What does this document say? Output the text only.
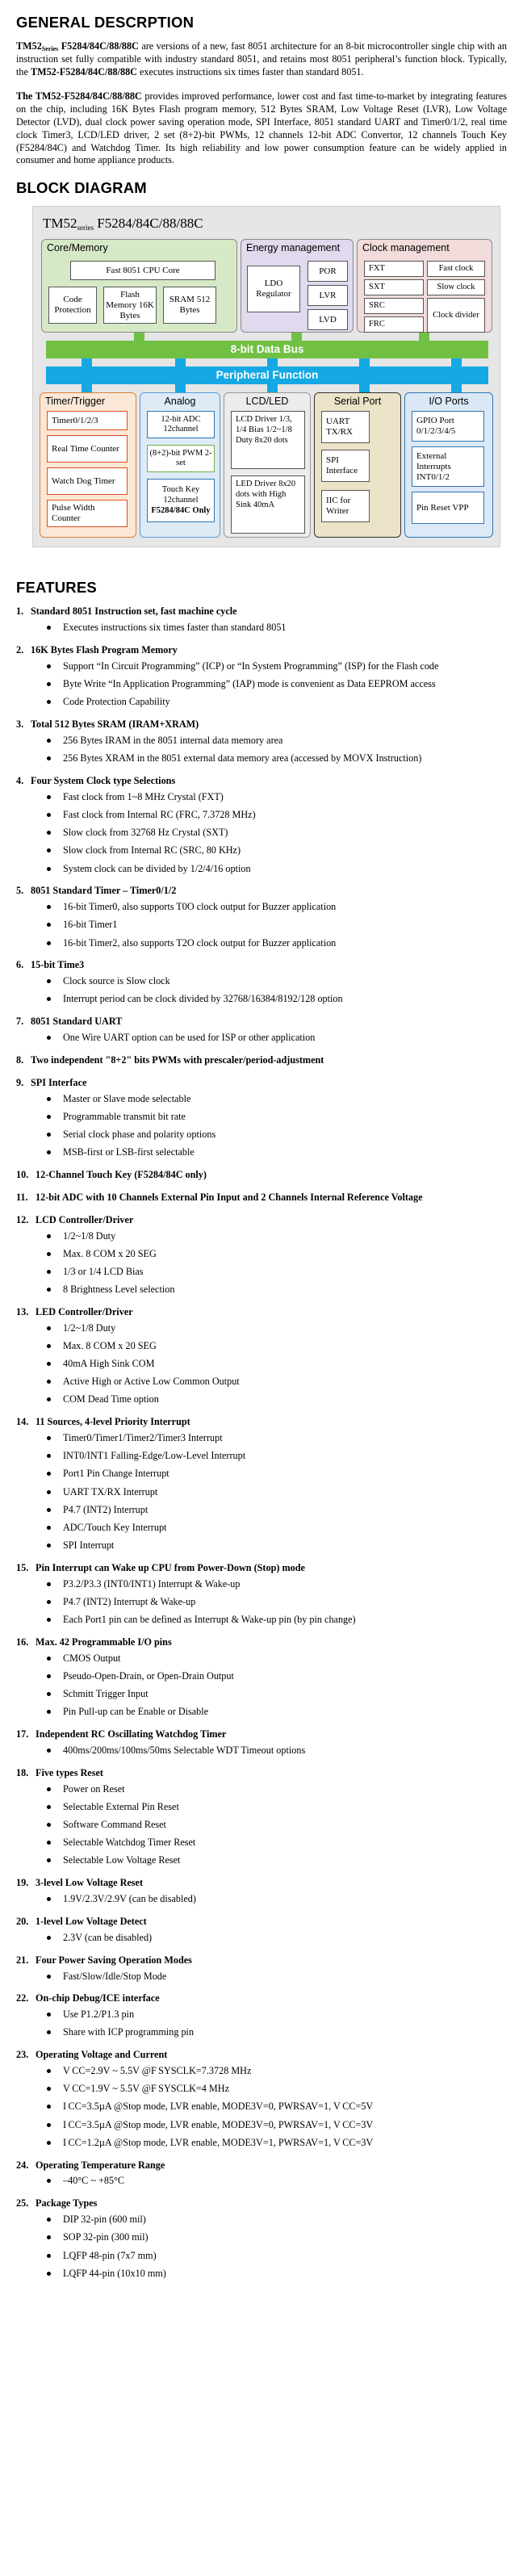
GENERAL DESCRPTION

$TM52_{Series}$ F5284/84C/88/88C are versions of a new, fast 8051 architecture for an 8-bit microcontroller single chip with an instruction set fully compatible with industry standard 8051, and retains most 8051 peripheral’s function block. Typically, the TM52-F5284/84C/88/88C executes instructions six times faster than standard 8051.

The TM52-F5284/84C/88/88C provides improved performance, lower cost and fast time-to-market by integrating features on the chip, including 16K Bytes Flash program memory, 512 Bytes SRAM, Low Voltage Reset (LVR), Low Voltage Detector (LVD), dual clock power saving operation mode, SPI Interface, 8051 standard UART and Timer0/1/2, real time clock Timer3, LCD/LED driver, 2 set (8+2)-bit PWMs, 12 channels 12-bit ADC Convertor, 12 channels Touch Key (F5284/84C) and Watchdog Timer. Its high reliability and low power consumption feature can be widely applied in consumer and home appliance products.

BLOCK DIAGRAM
TM52series F5284/84C/88/88C
Core/Memory
Fast 8051 CPU Core
Code Protection
Flash Memory 16K Bytes
SRAM 512 Bytes
Energy management
LDO Regulator
POR
LVR
LVD
Clock management
FXT	Fast clock
SXT	Slow clock
SRC
FRC
Clock divider
8-bit Data Bus
Peripheral Function
Timer/Trigger
Timer0/1/2/3
Real Time Counter
Watch Dog Timer
Pulse Width Counter
Analog
12-bit ADC 12channel
(8+2)-bit PWM 2-set
Touch Key 12channel
F5284/84C Only
LCD/LED
LCD Driver 1/3, 1/4 Bias 1/2~1/8 Duty 8x20 dots
LED Driver 8x20 dots with High Sink 40mA
Serial Port
UART TX/RX
SPI Interface
IIC for Writer
I/O Ports
GPIO Port 0/1/2/3/4/5
External Interrupts INT0/1/2
Pin Reset VPP
FEATURES
1. Standard 8051 Instruction set, fast machine cycle
Executes instructions six times faster than standard 8051
2. 16K Bytes Flash Program Memory
Support “In Circuit Programming” (ICP) or “In System Programming” (ISP) for the Flash code
Byte Write “In Application Programming” (IAP) mode is convenient as Data EEPROM access
Code Protection Capability
3. Total 512 Bytes SRAM (IRAM+XRAM)
256 Bytes IRAM in the 8051 internal data memory area
256 Bytes XRAM in the 8051 external data memory area (accessed by MOVX Instruction)
4. Four System Clock type Selections
Fast clock from 1~8 MHz Crystal (FXT)
Fast clock from Internal RC (FRC, 7.3728 MHz)
Slow clock from 32768 Hz Crystal (SXT)
Slow clock from Internal RC (SRC, 80 KHz)
System clock can be divided by 1/2/4/16 option
5. 8051 Standard Timer – Timer0/1/2
16-bit Timer0, also supports T0O clock output for Buzzer application
16-bit Timer1
16-bit Timer2, also supports T2O clock output for Buzzer application
6. 15-bit Time3
Clock source is Slow clock
Interrupt period can be clock divided by 32768/16384/8192/128 option
7. 8051 Standard UART
One Wire UART option can be used for ISP or other application
8. Two independent "8+2" bits PWMs with prescaler/period-adjustment
9. SPI Interface
Master or Slave mode selectable
Programmable transmit bit rate
Serial clock phase and polarity options
MSB-first or LSB-first selectable
10. 12-Channel Touch Key (F5284/84C only)
11. 12-bit ADC with 10 Channels External Pin Input and 2 Channels Internal Reference Voltage
12. LCD Controller/Driver
1/2~1/8 Duty
Max. 8 COM x 20 SEG
1/3 or 1/4 LCD Bias
8 Brightness Level selection
13. LED Controller/Driver
1/2~1/8 Duty
Max. 8 COM x 20 SEG
40mA High Sink COM
Active High or Active Low Common Output
COM Dead Time option
14. 11 Sources, 4-level Priority Interrupt
Timer0/Timer1/Timer2/Timer3 Interrupt
INT0/INT1 Falling-Edge/Low-Level Interrupt
Port1 Pin Change Interrupt
UART TX/RX Interrupt
P4.7 (INT2) Interrupt
ADC/Touch Key Interrupt
SPI Interrupt
15. Pin Interrupt can Wake up CPU from Power-Down (Stop) mode
P3.2/P3.3 (INT0/INT1) Interrupt & Wake-up
P4.7 (INT2) Interrupt & Wake-up
Each Port1 pin can be defined as Interrupt & Wake-up pin (by pin change)
16. Max. 42 Programmable I/O pins
CMOS Output
Pseudo-Open-Drain, or Open-Drain Output
Schmitt Trigger Input
Pin Pull-up can be Enable or Disable
17. Independent RC Oscillating Watchdog Timer
400ms/200ms/100ms/50ms Selectable WDT Timeout options
18. Five types Reset
Power on Reset
Selectable External Pin Reset
Software Command Reset
Selectable Watchdog Timer Reset
Selectable Low Voltage Reset
19. 3-level Low Voltage Reset
1.9V/2.3V/2.9V (can be disabled)
20. 1-level Low Voltage Detect
2.3V (can be disabled)
21. Four Power Saving Operation Modes
Fast/Slow/Idle/Stop Mode
22. On-chip Debug/ICE interface
Use P1.2/P1.3 pin
Share with ICP programming pin
23. Operating Voltage and Current
V CC=2.9V ~ 5.5V @F SYSCLK=7.3728 MHz
V CC=1.9V ~ 5.5V @F SYSCLK=4 MHz
I CC=3.5µA @Stop mode, LVR enable, MODE3V=0, PWRSAV=1, V CC=5V
I CC=3.5µA @Stop mode, LVR enable, MODE3V=0, PWRSAV=1, V CC=3V
I CC=1.2µA @Stop mode, LVR enable, MODE3V=1, PWRSAV=1, V CC=3V
24. Operating Temperature Range
–40°C ~ +85°C
25. Package Types
DIP 32-pin (600 mil)
SOP 32-pin (300 mil)
LQFP 48-pin (7x7 mm)
LQFP 44-pin (10x10 mm)
